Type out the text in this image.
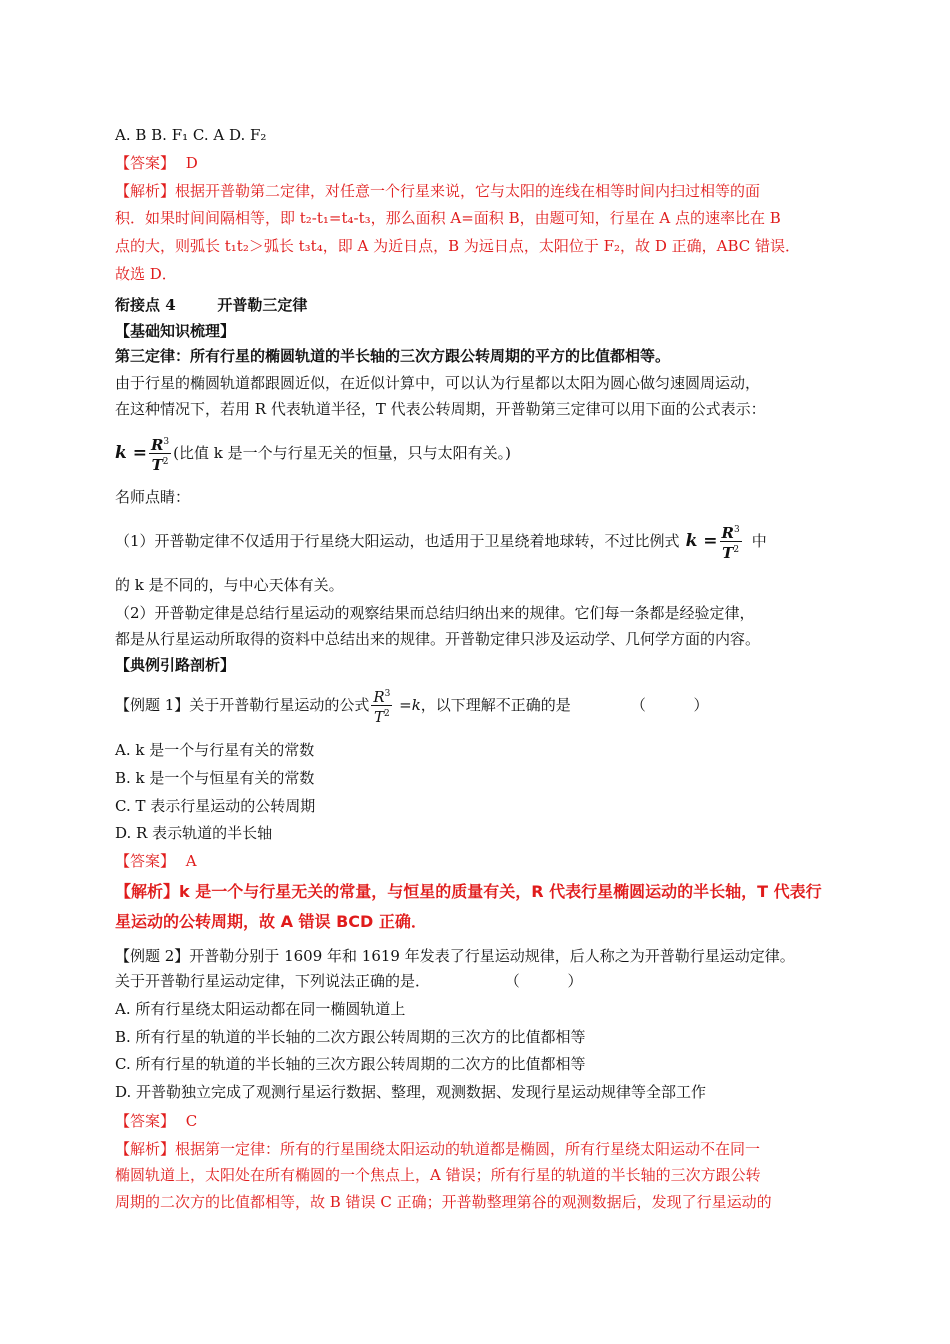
A. B B. F₁ C. A D. F₂
【答案】 D
【解析】根据开普勒第二定律，对任意一个行星来说，它与太阳的连线在相等时间内扫过相等的面
积．如果时间间隔相等，即 t₂-t₁=t₄-t₃，那么面积 A=面积 B，由题可知，行星在 A 点的速率比在 B
点的大，则弧长 t₁t₂＞弧长 t₃t₄，即 A 为近日点，B 为远日点，太阳位于 F₂，故 D 正确，ABC 错误．
故选 D．
衔接点 4        开普勒三定律
【基础知识梳理】
第三定律：所有行星的椭圆轨道的半长轴的三次方跟公转周期的平方的比值都相等。
由于行星的椭圆轨道都跟圆近似，在近似计算中，可以认为行星都以太阳为圆心做匀速圆周运动，
在这种情况下，若用 R 代表轨道半径，T 代表公转周期，开普勒第三定律可以用下面的公式表示：
$k = \frac{R^3}{T^2}$ (比值 k 是一个与行星无关的恒量，只与太阳有关。)
名师点睛：
（1）开普勒定律不仅适用于行星绕大阳运动，也适用于卫星绕着地球转，不过比例式 $k = \frac{R^3}{T^2}$ 中
的 k 是不同的，与中心天体有关。
（2）开普勒定律是总结行星运动的观察结果而总结归纳出来的规律。它们每一条都是经验定律，
都是从行星运动所取得的资料中总结出来的规律。开普勒定律只涉及运动学、几何学方面的内容。
【典例引路剖析】
【例题 1】关于开普勒行星运动的公式 $\frac{R^3}{T^2} =k$ ，以下理解不正确的是	（          ）
A. k 是一个与行星有关的常数
B. k 是一个与恒星有关的常数
C. T 表示行星运动的公转周期
D. R 表示轨道的半长轴
【答案】 A
【解析】k 是一个与行星无关的常量，与恒星的质量有关，R 代表行星椭圆运动的半长轴，T 代表行
星运动的公转周期，故 A 错误 BCD 正确．
【例题 2】开普勒分别于 1609 年和 1619 年发表了行星运动规律，后人称之为开普勒行星运动定律。
关于开普勒行星运动定律，下列说法正确的是．	（          ）
A. 所有行星绕太阳运动都在同一椭圆轨道上
B. 所有行星的轨道的半长轴的二次方跟公转周期的三次方的比值都相等
C. 所有行星的轨道的半长轴的三次方跟公转周期的二次方的比值都相等
D. 开普勒独立完成了观测行星运行数据、整理，观测数据、发现行星运动规律等全部工作
【答案】 C
【解析】根据第一定律：所有的行星围绕太阳运动的轨道都是椭圆，所有行星绕太阳运动不在同一
椭圆轨道上，太阳处在所有椭圆的一个焦点上，A 错误；所有行星的轨道的半长轴的三次方跟公转
周期的二次方的比值都相等，故 B 错误 C 正确；开普勒整理第谷的观测数据后，发现了行星运动的
